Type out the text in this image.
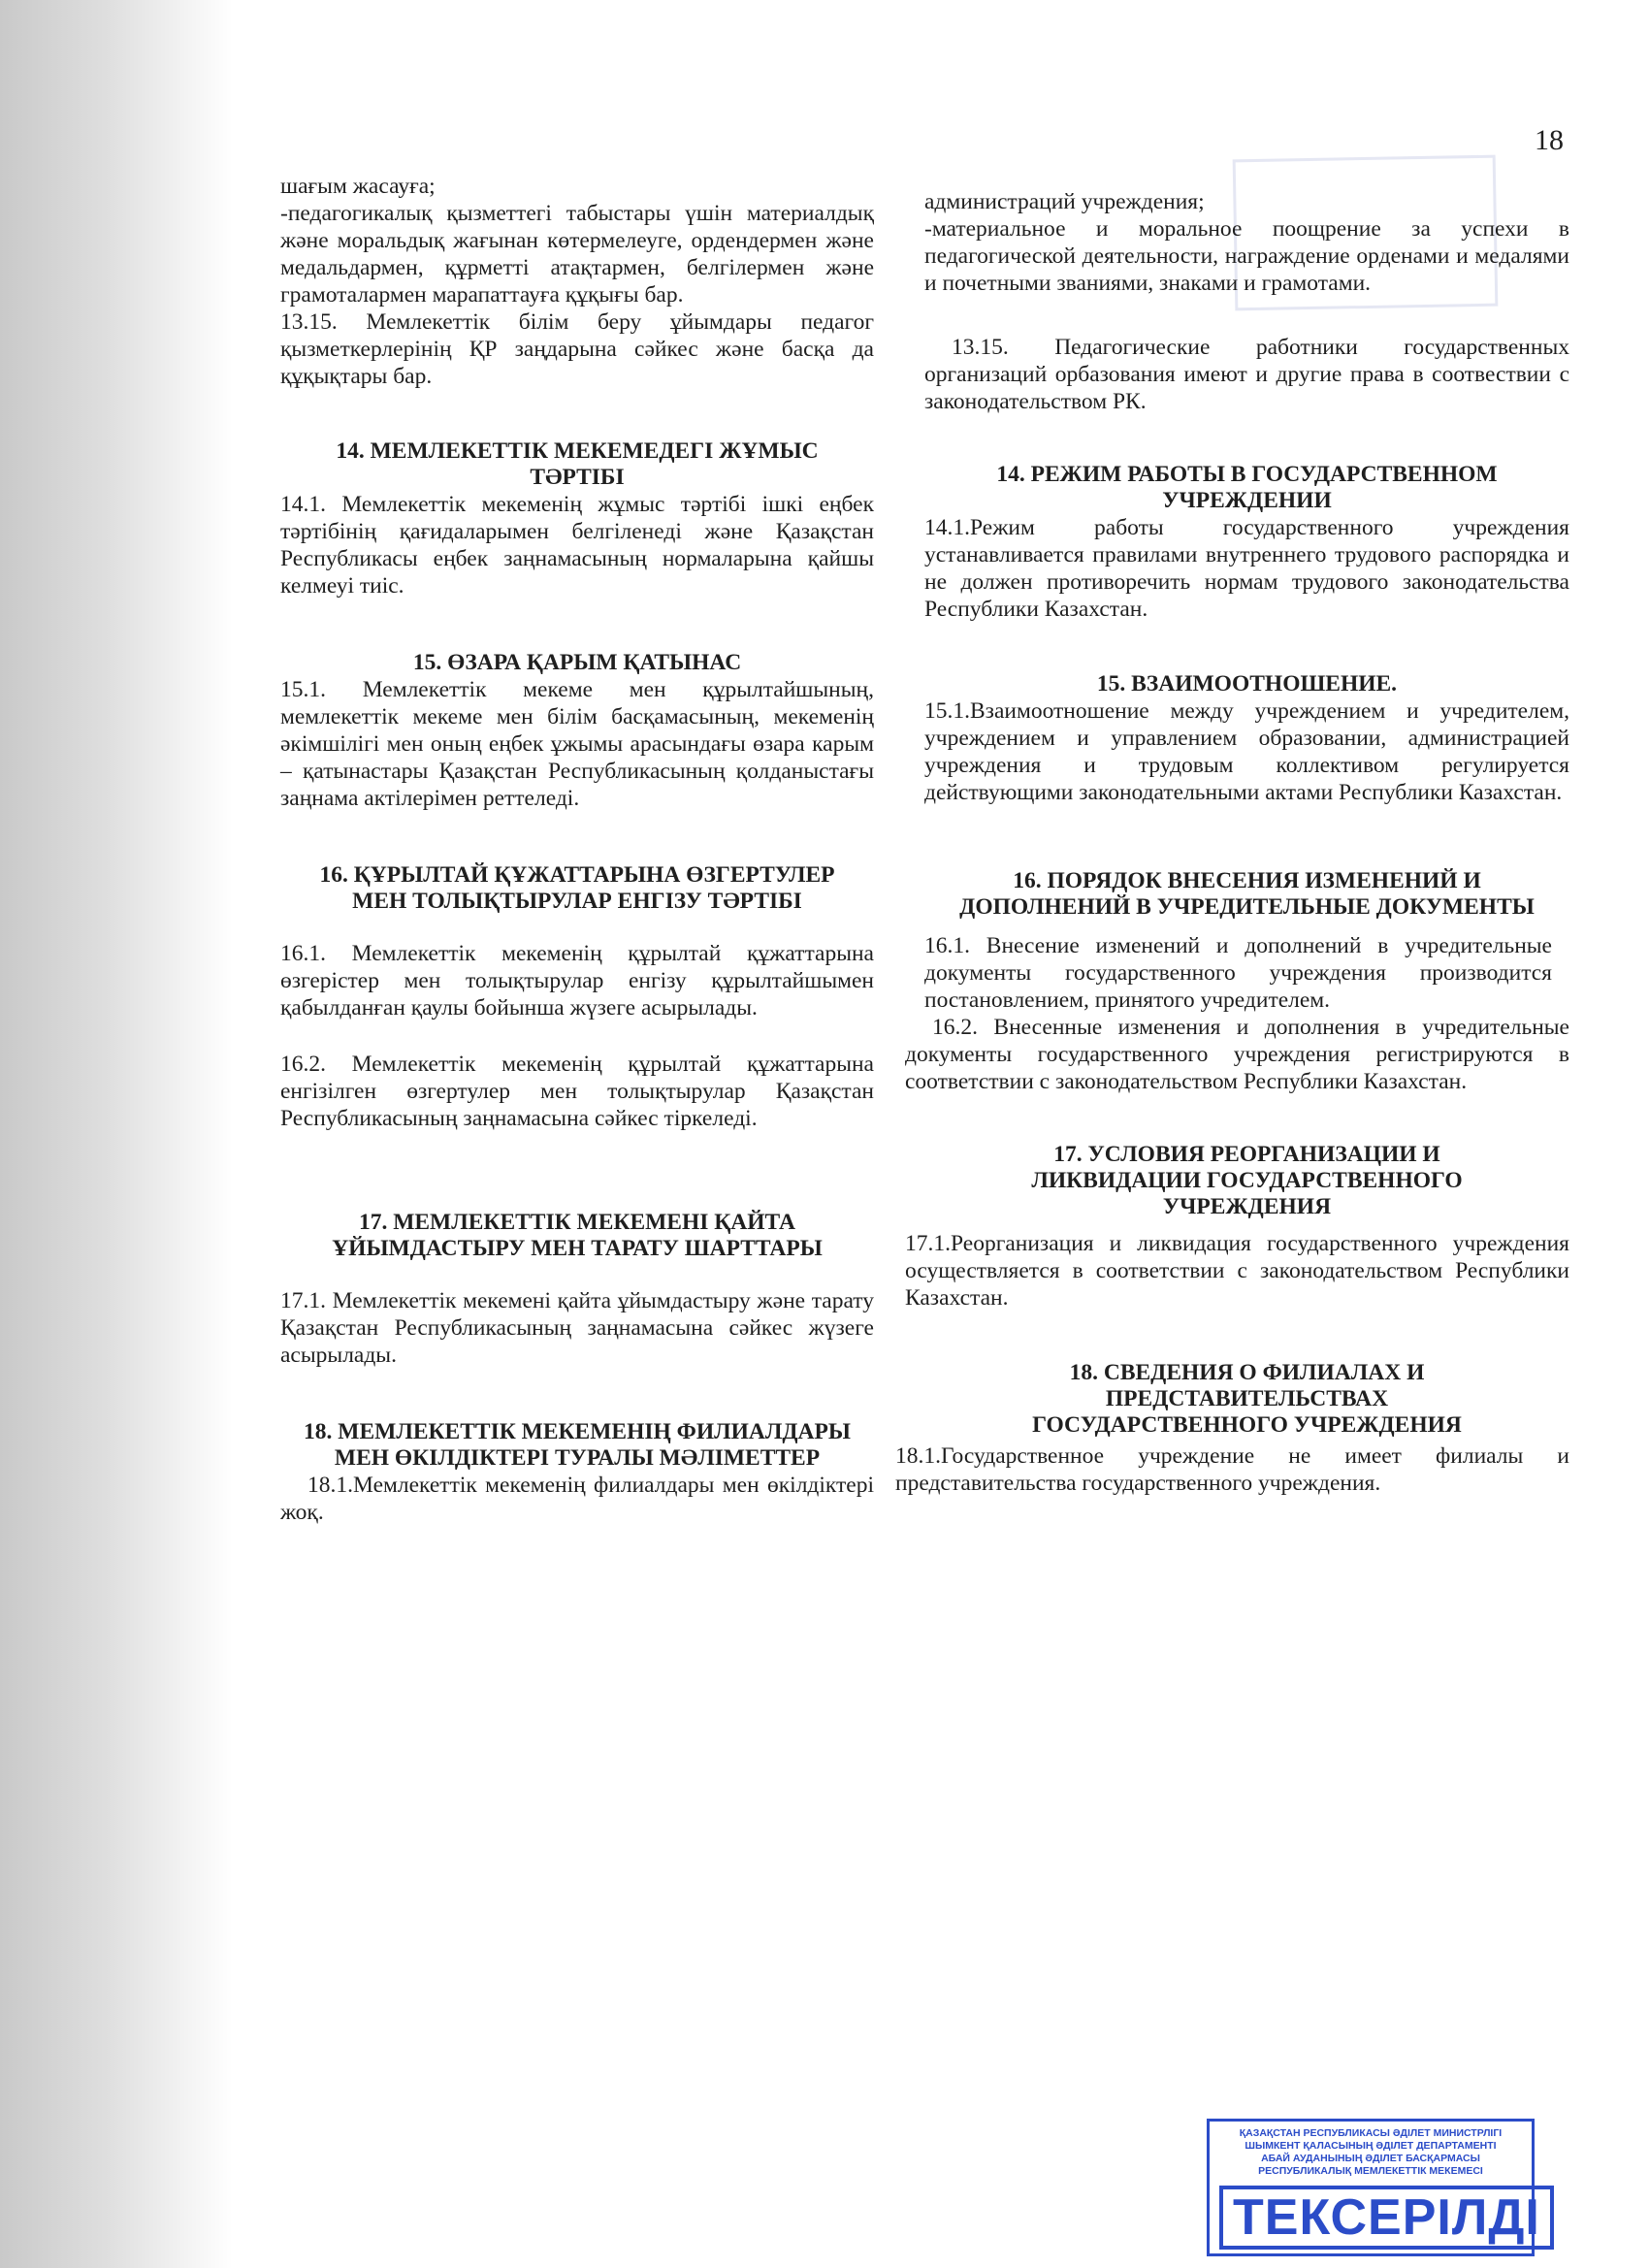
18

шағым жасауға;

-педагогикалық қызметтегі табыстары үшін материалдық және моральдық жағынан көтермелеуге, ордендермен және медальдармен, құрметті атақтармен, белгілермен және грамоталармен марапаттауға құқығы бар.

13.15. Мемлекеттік білім беру ұйымдары педагог қызметкерлерінің ҚР заңдарына сәйкес және басқа да құқықтары бар.

14. МЕМЛЕКЕТТІК МЕКЕМЕДЕГІ ЖҰМЫС ТӘРТІБІ

14.1. Мемлекеттік мекеменің жұмыс тәртібі ішкі еңбек тәртібінің қағидаларымен белгіленеді және Қазақстан Республикасы еңбек заңнамасының нормаларына қайшы келмеуі тиіс.

15. ӨЗАРА ҚАРЫМ ҚАТЫНАС

15.1. Мемлекеттік мекеме мен құрылтайшының, мемлекеттік мекеме мен білім басқамасының, мекеменің әкімшілігі мен оның еңбек ұжымы арасындағы өзара карым – қатынастары Қазақстан Республикасының қолданыстағы заңнама актілерімен реттеледі.

16. ҚҰРЫЛТАЙ ҚҰЖАТТАРЫНА ӨЗГЕРТУЛЕР МЕН ТОЛЫҚТЫРУЛАР ЕНГІЗУ ТӘРТІБІ

16.1. Мемлекеттік мекеменің құрылтай құжаттарына өзгерістер мен толықтырулар енгізу құрылтайшымен қабылданған қаулы бойынша жүзеге асырылады.

16.2. Мемлекеттік мекеменің құрылтай құжаттарына енгізілген өзгертулер мен толықтырулар Қазақстан Республикасының заңнамасына сәйкес тіркеледі.

17. МЕМЛЕКЕТТІК МЕКЕМЕНІ ҚАЙТА ҰЙЫМДАСТЫРУ МЕН ТАРАТУ ШАРТТАРЫ

17.1. Мемлекеттік мекемені қайта ұйымдастыру және тарату Қазақстан Республикасының заңнамасына сәйкес жүзеге асырылады.

18. МЕМЛЕКЕТТІК МЕКЕМЕНІҢ ФИЛИАЛДАРЫ МЕН ӨКІЛДІКТЕРІ ТУРАЛЫ МӘЛІМЕТТЕР

18.1.Мемлекеттік мекеменің филиалдары мен өкілдіктері жоқ.

администраций учреждения;

-материальное и моральное поощрение за успехи в педагогической деятельности, награждение орденами и медалями и почетными званиями, знаками и грамотами.

13.15. Педагогические работники государственных организаций орбазования имеют и другие права в соотвествии с законодательством РК.

14. РЕЖИМ РАБОТЫ В ГОСУДАРСТВЕННОМ УЧРЕЖДЕНИИ

14.1.Режим работы государственного учреждения устанавливается правилами внутреннего трудового распорядка и не должен противоречить нормам трудового законодательства Республики Казахстан.

15. ВЗАИМООТНОШЕНИЕ.

15.1.Взаимоотношение между учреждением и учредителем, учреждением и управлением образовании, администрацией учреждения и трудовым коллективом регулируется действующими законодательными актами Республики Казахстан.

16. ПОРЯДОК ВНЕСЕНИЯ ИЗМЕНЕНИЙ И ДОПОЛНЕНИЙ В УЧРЕДИТЕЛЬНЫЕ ДОКУМЕНТЫ

16.1. Внесение изменений и дополнений в учредительные документы государственного учреждения производится постановлением, принятого учредителем.

16.2. Внесенные изменения и дополнения в учредительные документы государственного учреждения регистрируются в соответствии с законодательством Республики Казахстан.

17. УСЛОВИЯ РЕОРГАНИЗАЦИИ И ЛИКВИДАЦИИ ГОСУДАРСТВЕННОГО УЧРЕЖДЕНИЯ

17.1.Реорганизация и ликвидация государственного учреждения осуществляется в соответствии с законодательством Республики Казахстан.

18. СВЕДЕНИЯ О ФИЛИАЛАХ И ПРЕДСТАВИТЕЛЬСТВАХ ГОСУДАРСТВЕННОГО УЧРЕЖДЕНИЯ

18.1.Государственное учреждение не имеет филиалы и представительства государственного учреждения.

ҚАЗАҚСТАН РЕСПУБЛИКАСЫ ӘДІЛЕТ МИНИСТРЛІГІ
ШЫМКЕНТ ҚАЛАСЫНЫҢ ӘДІЛЕТ ДЕПАРТАМЕНТІ
АБАЙ АУДАНЫНЫҢ ӘДІЛЕТ БАСҚАРМАСЫ
РЕСПУБЛИКАЛЫҚ МЕМЛЕКЕТТІК МЕКЕМЕСІ
ТЕКСЕРІЛДІ
